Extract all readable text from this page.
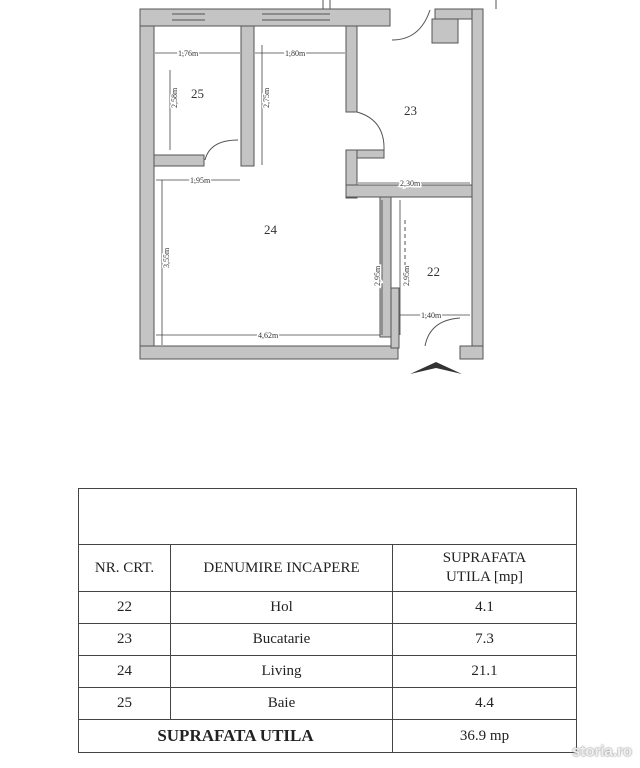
1,76m	1,80m
2,58m	2,75m
1,95m	2,30m
3,55m
2,95m	2,95m
1,40m
4,62m
25
23
24
22

NR. CRT.	DENUMIRE INCAPERE	SUPRAFATA
UTILA [mp]
22	Hol	4.1
23	Bucatarie	7.3
24	Living	21.1
25	Baie	4.4
SUPRAFATA UTILA		36.9 mp
storia.ro
